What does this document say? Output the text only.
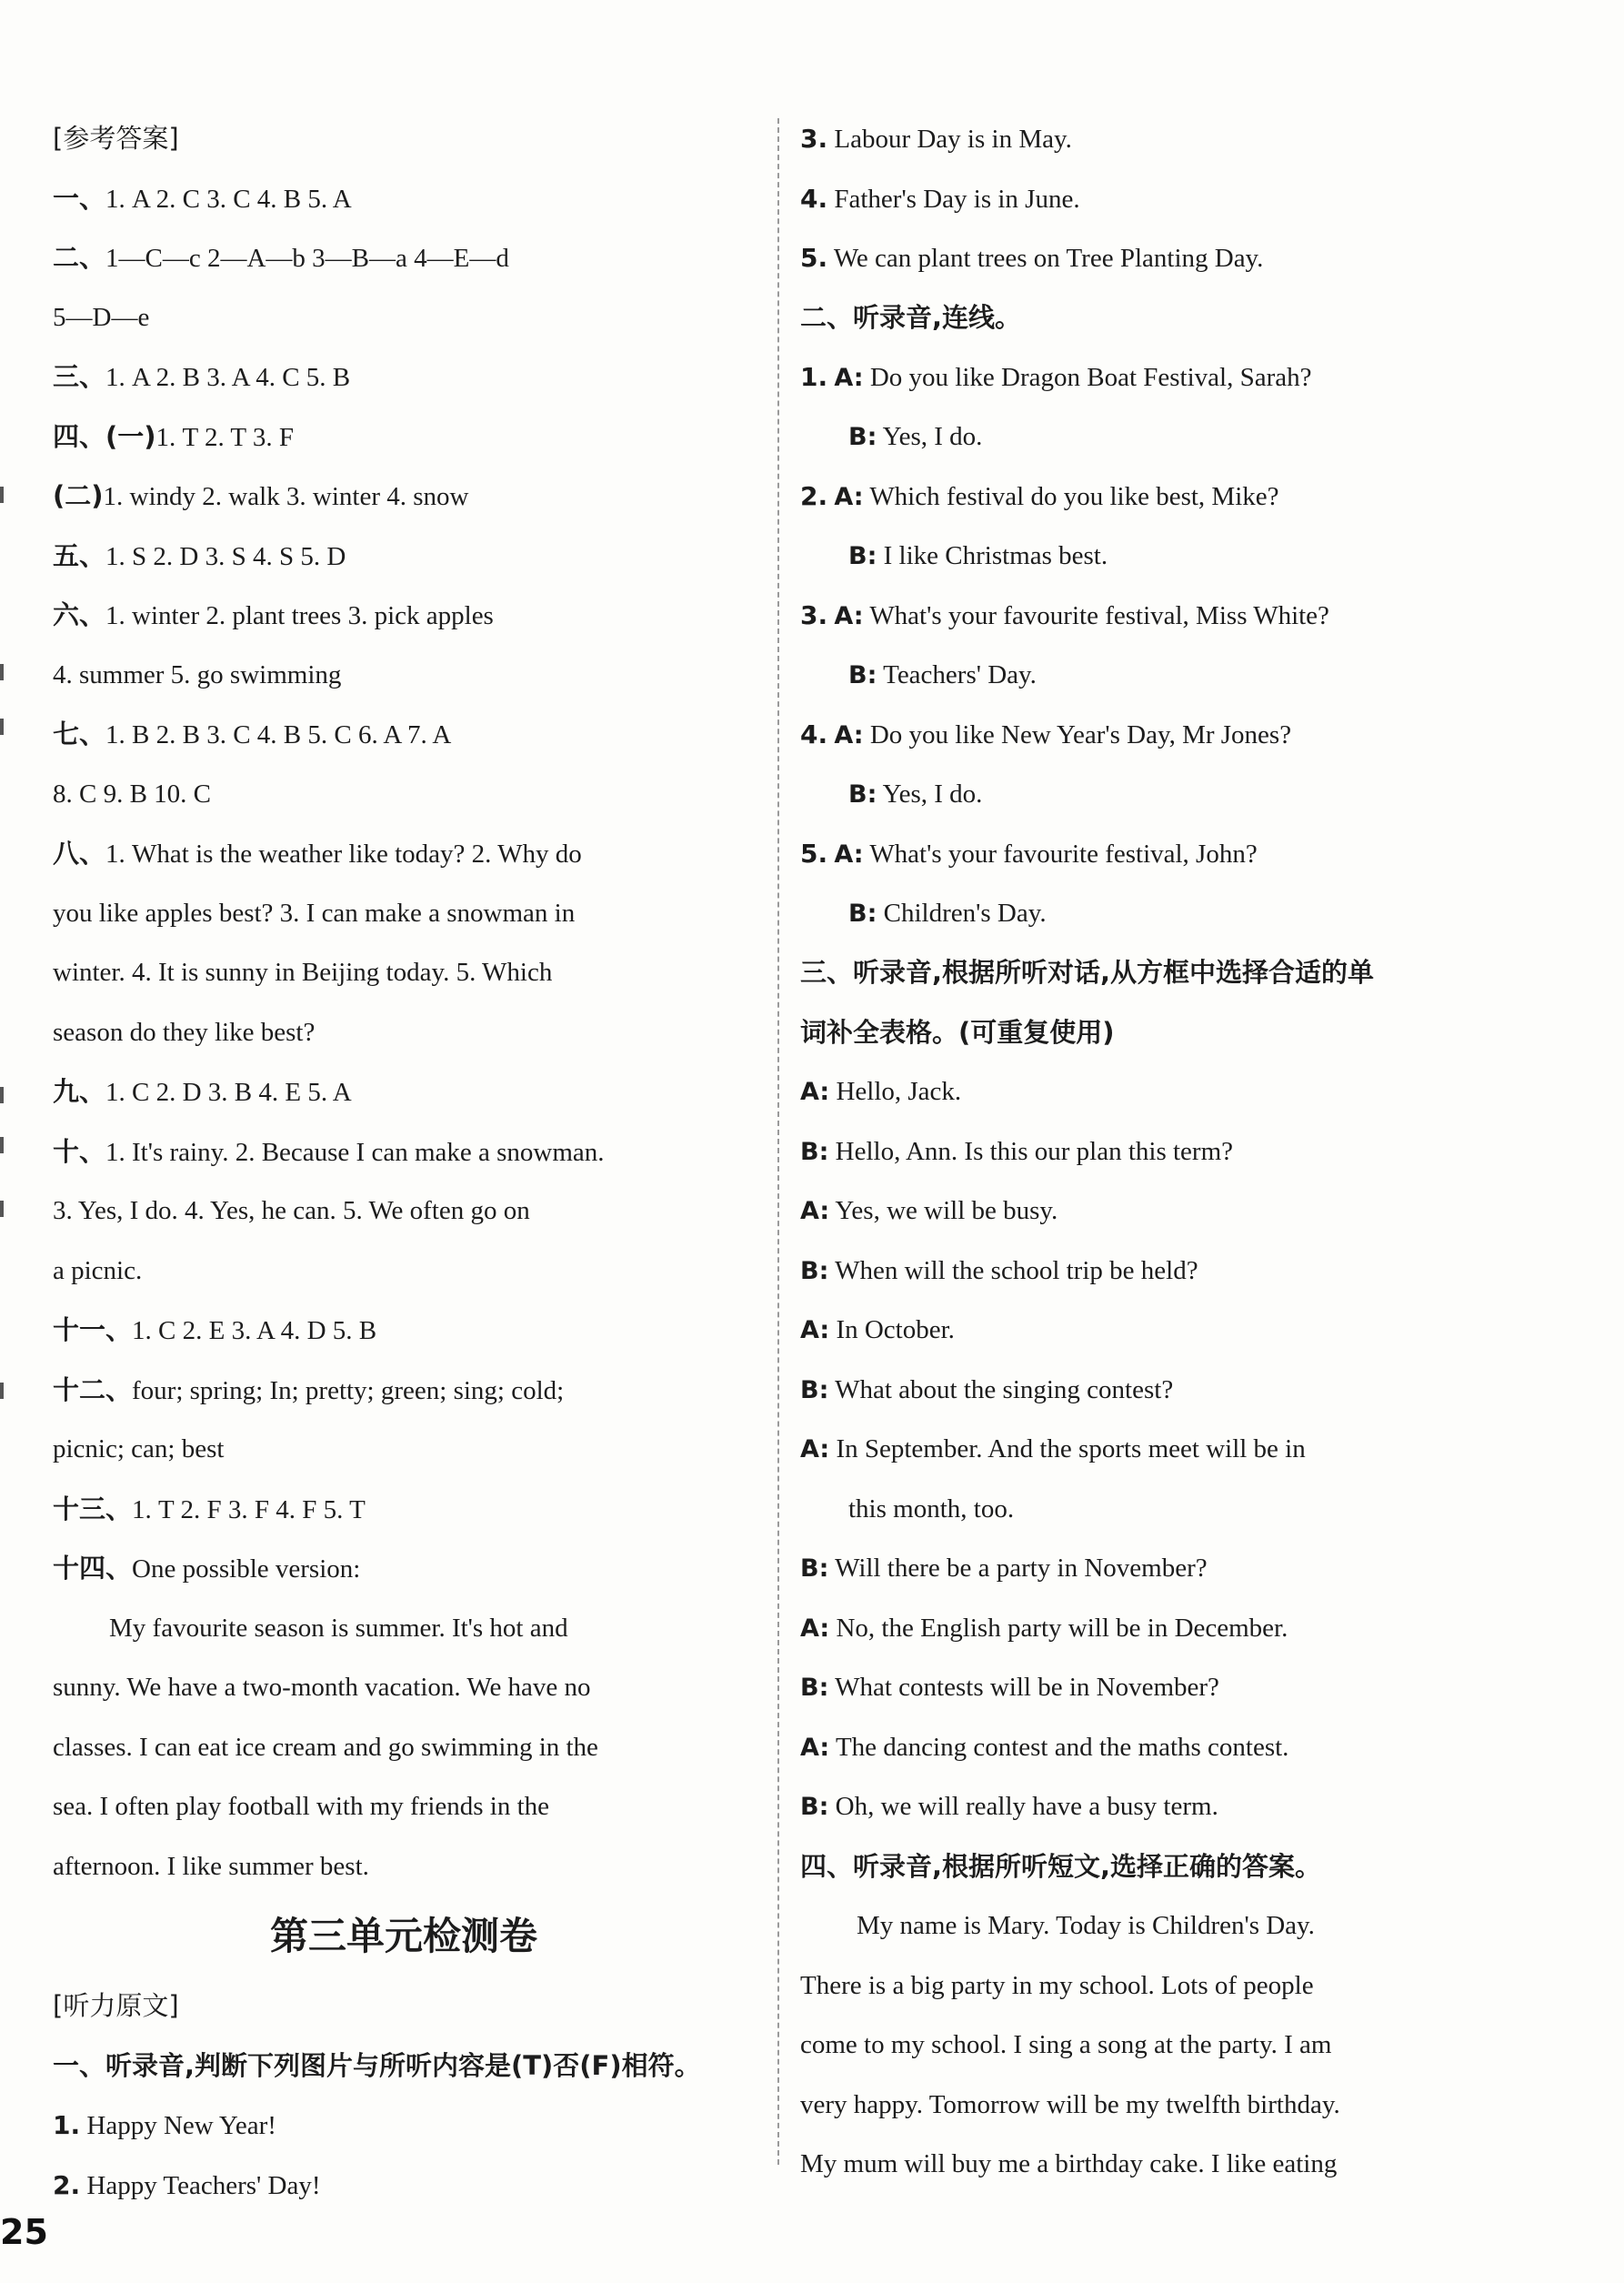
[参考答案]
一、1. A 2. C 3. C 4. B 5. A
二、1—C—c 2—A—b 3—B—a 4—E—d
5—D—e
三、1. A 2. B 3. A 4. C 5. B
四、(一)1. T 2. T 3. F
(二)1. windy 2. walk 3. winter 4. snow
五、1. S 2. D 3. S 4. S 5. D
六、1. winter 2. plant trees 3. pick apples
4. summer 5. go swimming
七、1. B 2. B 3. C 4. B 5. C 6. A 7. A
8. C 9. B 10. C
八、1. What is the weather like today? 2. Why do
you like apples best? 3. I can make a snowman in
winter. 4. It is sunny in Beijing today. 5. Which
season do they like best?
九、1. C 2. D 3. B 4. E 5. A
十、1. It's rainy. 2. Because I can make a snowman.
3. Yes, I do. 4. Yes, he can. 5. We often go on
a picnic.
十一、1. C 2. E 3. A 4. D 5. B
十二、four; spring; In; pretty; green; sing; cold;
picnic; can; best
十三、1. T 2. F 3. F 4. F 5. T
十四、One possible version:
My favourite season is summer. It's hot and
sunny. We have a two-month vacation. We have no
classes. I can eat ice cream and go swimming in the
sea. I often play football with my friends in the
afternoon. I like summer best.
第三单元检测卷
[听力原文]
一、听录音,判断下列图片与所听内容是(T)否(F)相符。
1. Happy New Year!
2. Happy Teachers' Day!
3. Labour Day is in May.
4. Father's Day is in June.
5. We can plant trees on Tree Planting Day.
二、听录音,连线。
1. A: Do you like Dragon Boat Festival, Sarah?
B: Yes, I do.
2. A: Which festival do you like best, Mike?
B: I like Christmas best.
3. A: What's your favourite festival, Miss White?
B: Teachers' Day.
4. A: Do you like New Year's Day, Mr Jones?
B: Yes, I do.
5. A: What's your favourite festival, John?
B: Children's Day.
三、听录音,根据所听对话,从方框中选择合适的单
词补全表格。(可重复使用)
A: Hello, Jack.
B: Hello, Ann. Is this our plan this term?
A: Yes, we will be busy.
B: When will the school trip be held?
A: In October.
B: What about the singing contest?
A: In September. And the sports meet will be in
this month, too.
B: Will there be a party in November?
A: No, the English party will be in December.
B: What contests will be in November?
A: The dancing contest and the maths contest.
B: Oh, we will really have a busy term.
四、听录音,根据所听短文,选择正确的答案。
My name is Mary. Today is Children's Day.
There is a big party in my school. Lots of people
come to my school. I sing a song at the party. I am
very happy. Tomorrow will be my twelfth birthday.
My mum will buy me a birthday cake. I like eating
25
